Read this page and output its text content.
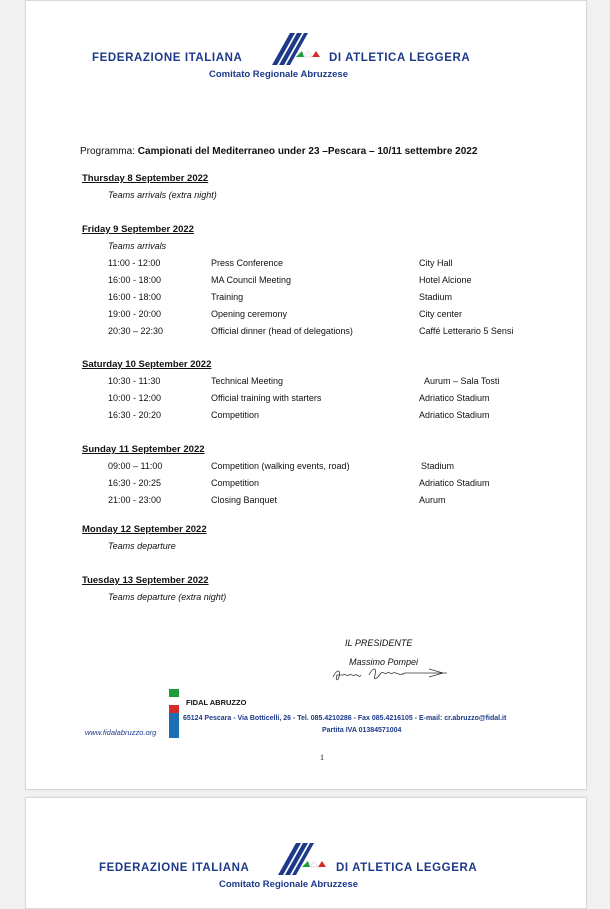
FEDERAZIONE ITALIANA	DI ATLETICA LEGGERA
Comitato Regionale Abruzzese
Programma: Campionati del Mediterraneo under 23 –Pescara – 10/11 settembre 2022
Thursday 8 September 2022
Teams arrivals (extra night)
Friday 9 September 2022
Teams arrivals
11:00 - 12:00	Press Conference	City Hall
16:00 - 18:00	MA Council Meeting	Hotel Alcione
16:00 - 18:00	Training	Stadium
19:00 - 20:00	Opening ceremony	City center
20:30 – 22:30	Official dinner (head of delegations)	Caffé Letterario 5 Sensi
Saturday 10 September 2022
10:30 - 11:30	Technical Meeting	Aurum – Sala Tosti
10:00 - 12:00	Official training with starters	Adriatico Stadium
16:30 - 20:20	Competition	Adriatico Stadium
Sunday 11 September 2022
09:00 – 11:00	Competition (walking events, road)	Stadium
16:30 - 20:25	Competition	Adriatico Stadium
21:00 - 23:00	Closing Banquet	Aurum
Monday 12 September 2022
Teams departure
Tuesday 13 September 2022
Teams departure (extra night)
IL PRESIDENTE
Massimo Pompei
FIDAL ABRUZZO
65124 Pescara - Via Botticelli, 26 - Tel. 085.4210286 - Fax 085.4216105 - E-mail: cr.abruzzo@fidal.it
Partita IVA 01384571004
www.fidalabruzzo.org
1
FEDERAZIONE ITALIANA	DI ATLETICA LEGGERA
Comitato Regionale Abruzzese
